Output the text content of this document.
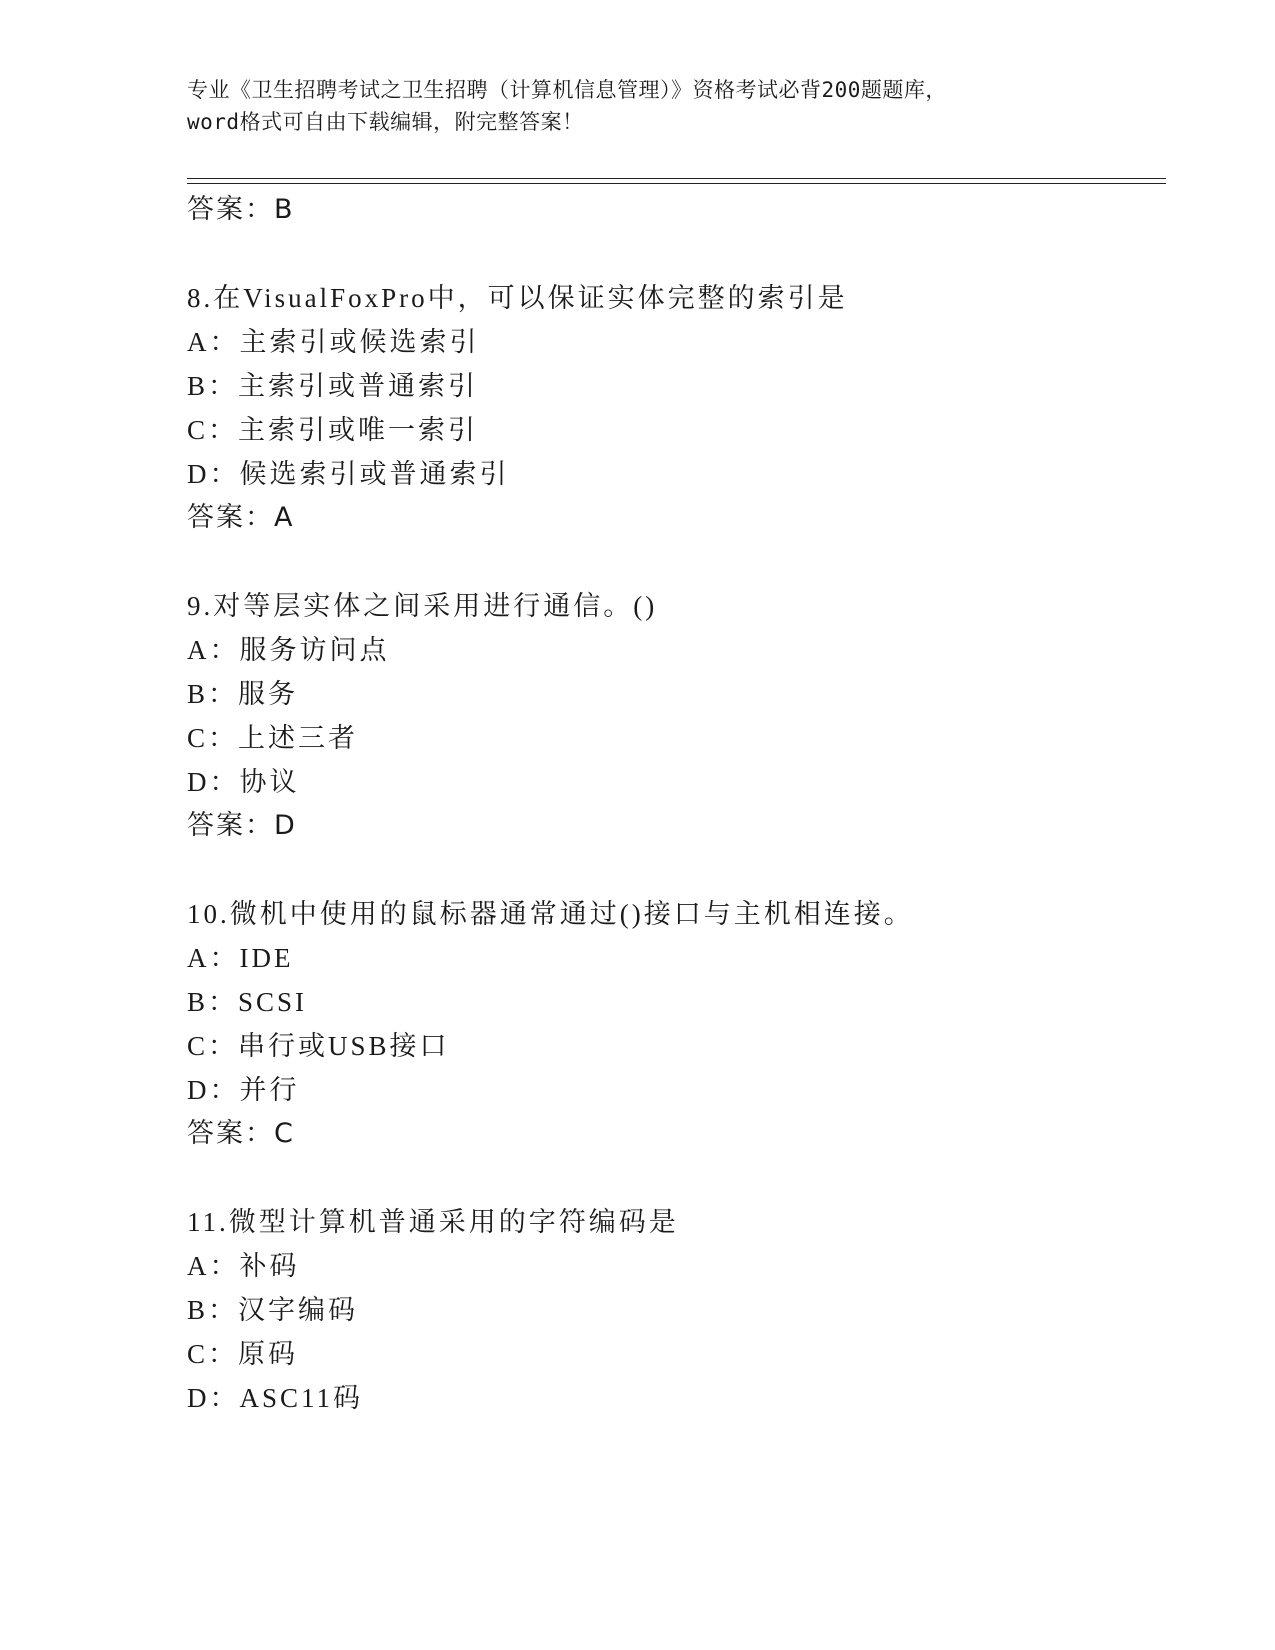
专业《卫生招聘考试之卫生招聘（计算机信息管理）》资格考试必背200题题库，
word格式可自由下载编辑，附完整答案！
答案：B
8.在VisualFoxPro中，可以保证实体完整的索引是
A：主索引或候选索引
B：主索引或普通索引
C：主索引或唯一索引
D：候选索引或普通索引
答案：A
9.对等层实体之间采用进行通信。()
A：服务访问点
B：服务
C：上述三者
D：协议
答案：D
10.微机中使用的鼠标器通常通过()接口与主机相连接。
A：IDE
B：SCSI
C：串行或USB接口
D：并行
答案：C
11.微型计算机普通采用的字符编码是
A：补码
B：汉字编码
C：原码
D：ASC11码
